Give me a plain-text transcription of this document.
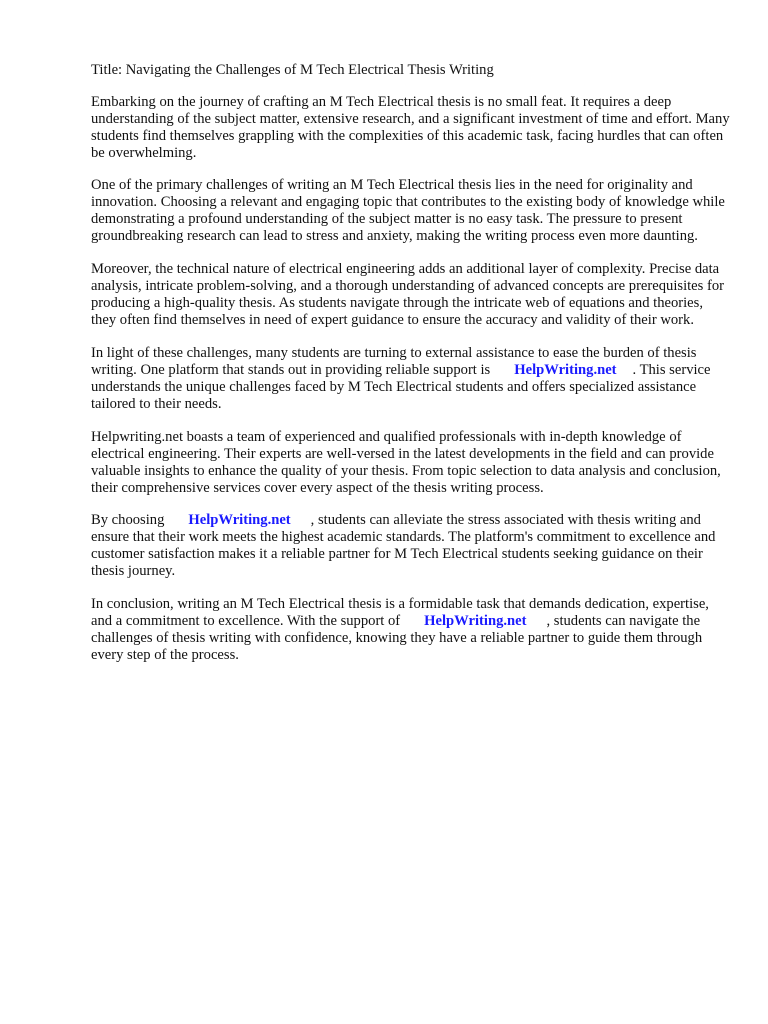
Title: Navigating the Challenges of M Tech Electrical Thesis Writing

Embarking on the journey of crafting an M Tech Electrical thesis is no small feat. It requires a deep understanding of the subject matter, extensive research, and a significant investment of time and effort. Many students find themselves grappling with the complexities of this academic task, facing hurdles that can often be overwhelming.

One of the primary challenges of writing an M Tech Electrical thesis lies in the need for originality and innovation. Choosing a relevant and engaging topic that contributes to the existing body of knowledge while demonstrating a profound understanding of the subject matter is no easy task. The pressure to present groundbreaking research can lead to stress and anxiety, making the writing process even more daunting.

Moreover, the technical nature of electrical engineering adds an additional layer of complexity. Precise data analysis, intricate problem-solving, and a thorough understanding of advanced concepts are prerequisites for producing a high-quality thesis. As students navigate through the intricate web of equations and theories, they often find themselves in need of expert guidance to ensure the accuracy and validity of their work.

In light of these challenges, many students are turning to external assistance to ease the burden of thesis writing. One platform that stands out in providing reliable support is HelpWriting.net . This service understands the unique challenges faced by M Tech Electrical students and offers specialized assistance tailored to their needs.

Helpwriting.net boasts a team of experienced and qualified professionals with in-depth knowledge of electrical engineering. Their experts are well-versed in the latest developments in the field and can provide valuable insights to enhance the quality of your thesis. From topic selection to data analysis and conclusion, their comprehensive services cover every aspect of the thesis writing process.

By choosing HelpWriting.net , students can alleviate the stress associated with thesis writing and ensure that their work meets the highest academic standards. The platform's commitment to excellence and customer satisfaction makes it a reliable partner for M Tech Electrical students seeking guidance on their thesis journey.

In conclusion, writing an M Tech Electrical thesis is a formidable task that demands dedication, expertise, and a commitment to excellence. With the support of HelpWriting.net , students can navigate the challenges of thesis writing with confidence, knowing they have a reliable partner to guide them through every step of the process.
